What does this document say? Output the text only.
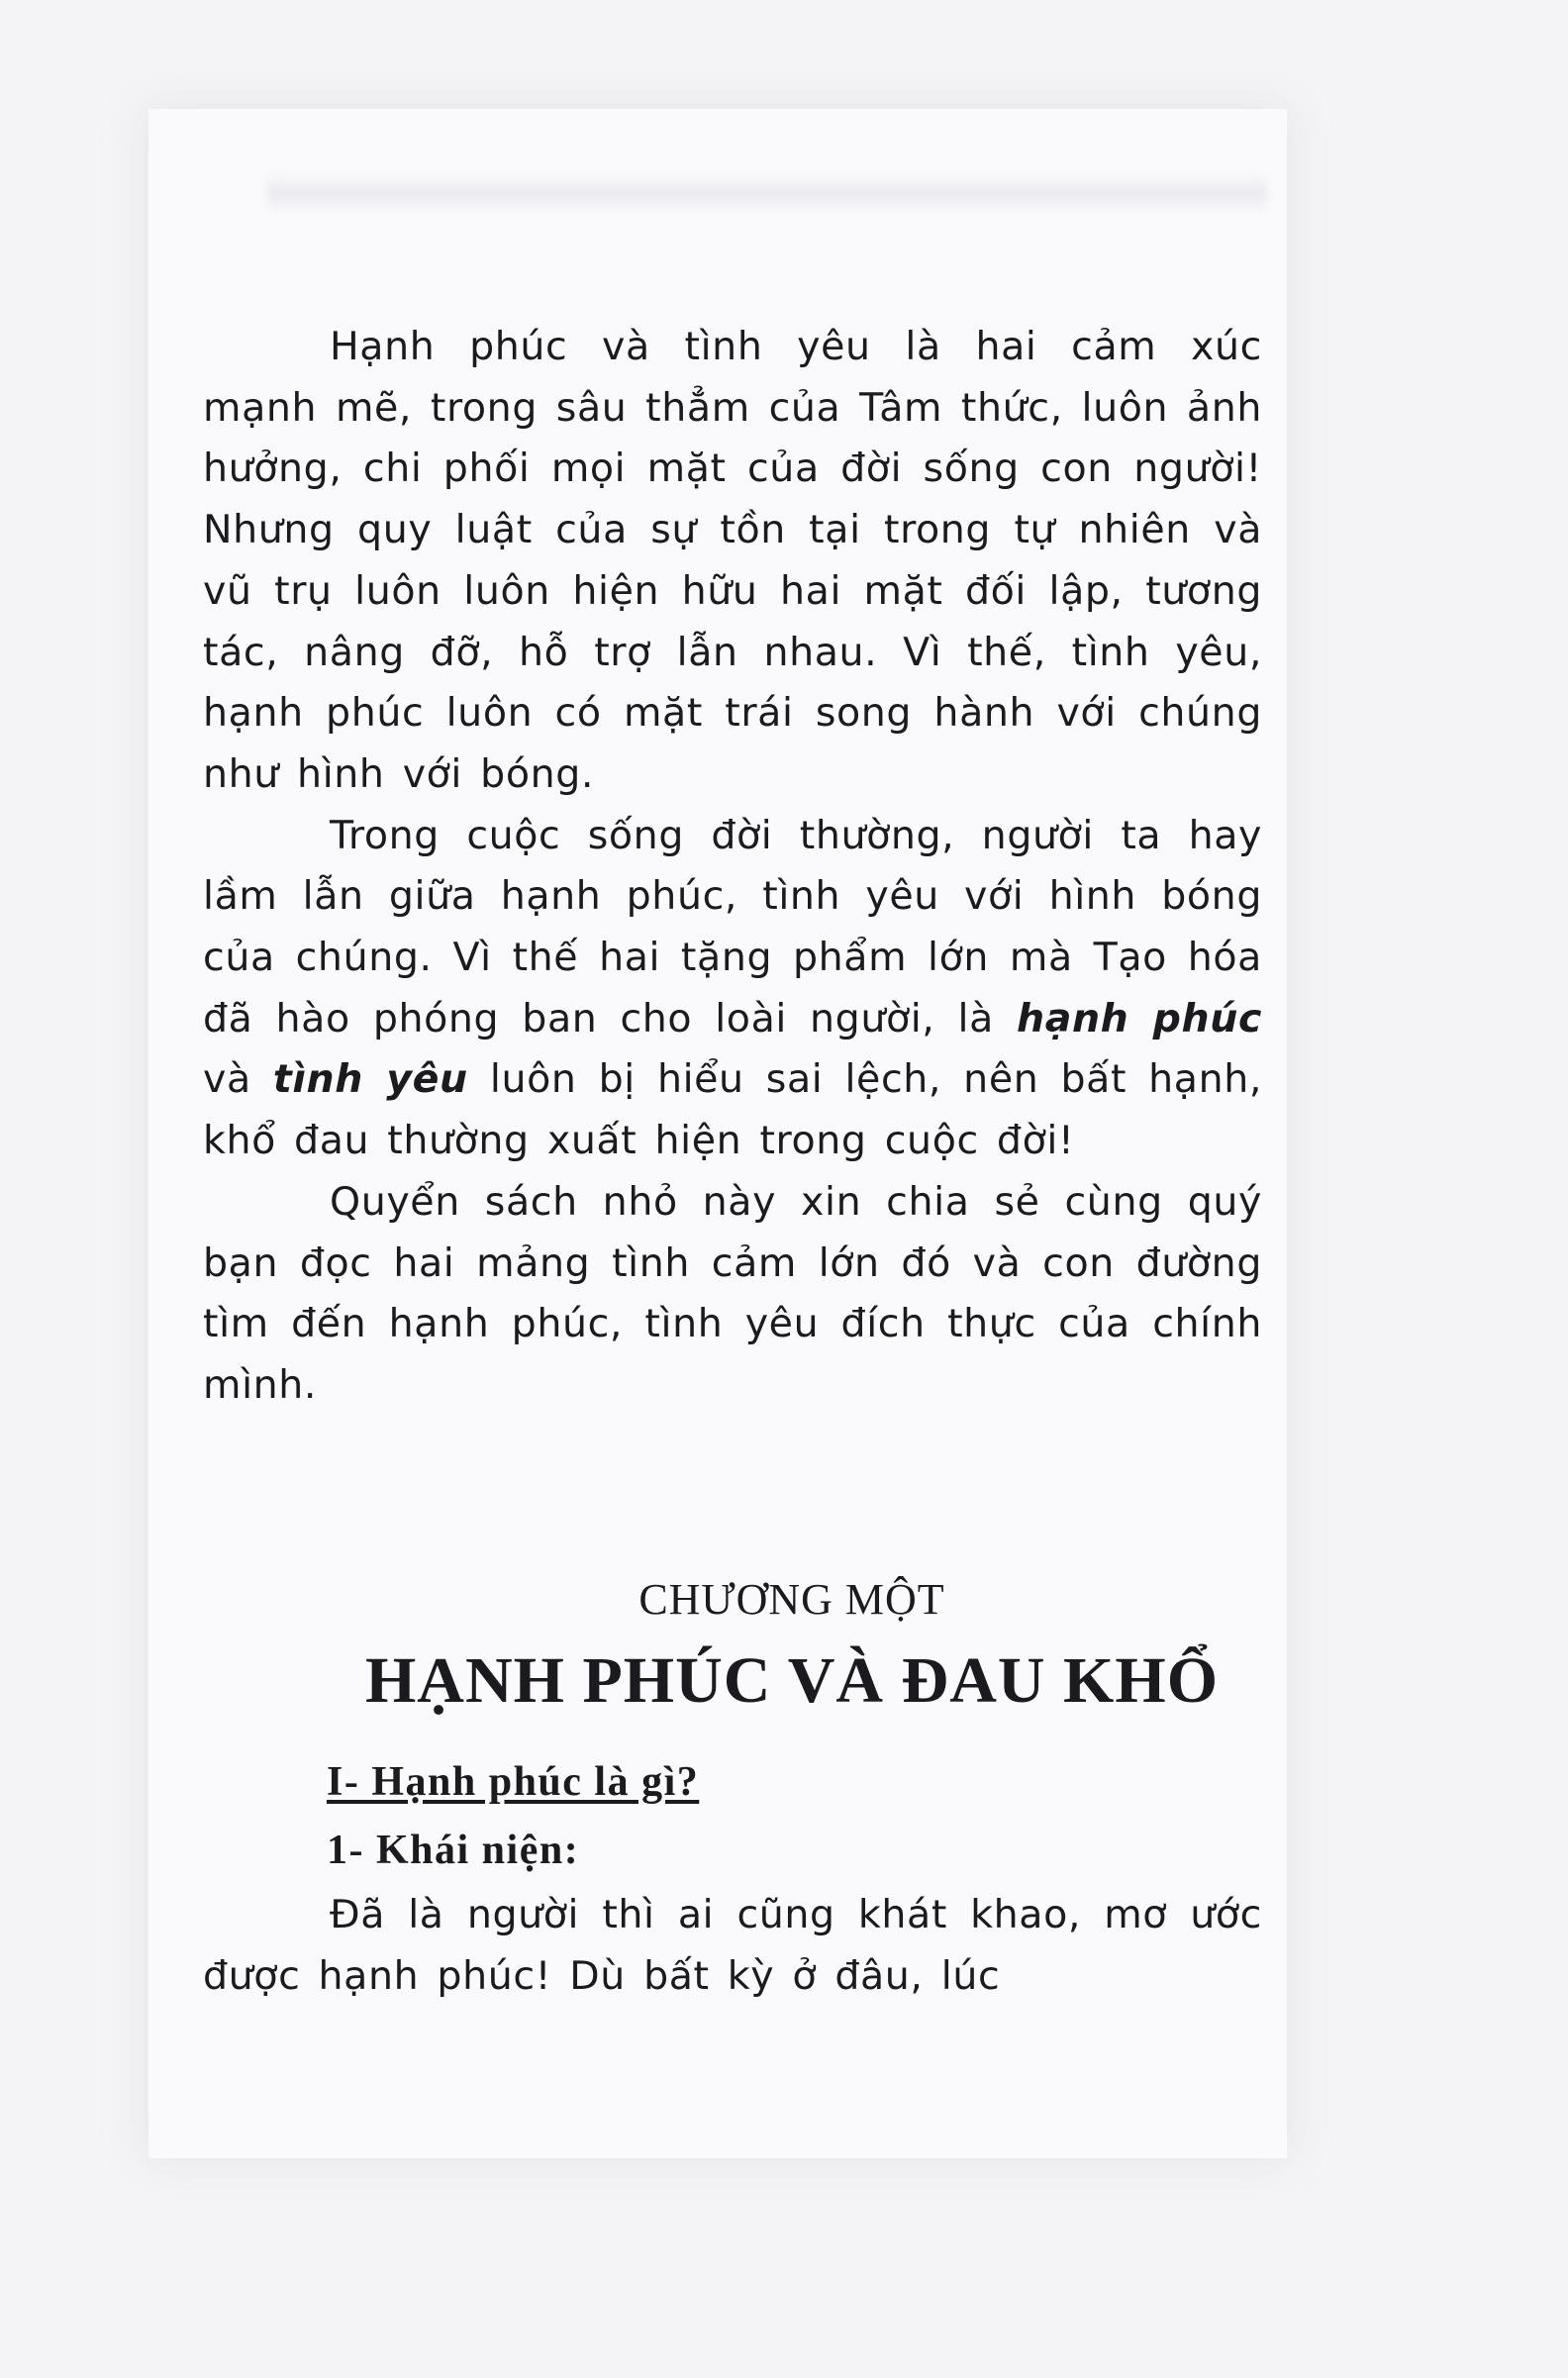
Hạnh phúc và tình yêu là hai cảm xúc mạnh mẽ, trong sâu thẳm của Tâm thức, luôn ảnh hưởng, chi phối mọi mặt của đời sống con người! Nhưng quy luật của sự tồn tại trong tự nhiên và vũ trụ luôn luôn hiện hữu hai mặt đối lập, tương tác, nâng đỡ, hỗ trợ lẫn nhau. Vì thế, tình yêu, hạnh phúc luôn có mặt trái song hành với chúng như hình với bóng.

Trong cuộc sống đời thường, người ta hay lầm lẫn giữa hạnh phúc, tình yêu với hình bóng của chúng. Vì thế hai tặng phẩm lớn mà Tạo hóa đã hào phóng ban cho loài người, là hạnh phúc và tình yêu luôn bị hiểu sai lệch, nên bất hạnh, khổ đau thường xuất hiện trong cuộc đời!

Quyển sách nhỏ này xin chia sẻ cùng quý bạn đọc hai mảng tình cảm lớn đó và con đường tìm đến hạnh phúc, tình yêu đích thực của chính mình.

CHƯƠNG MỘT
HẠNH PHÚC VÀ ĐAU KHỔ
I- Hạnh phúc là gì?
1- Khái niện:

Đã là người thì ai cũng khát khao, mơ ước được hạnh phúc! Dù bất kỳ ở đâu, lúc
